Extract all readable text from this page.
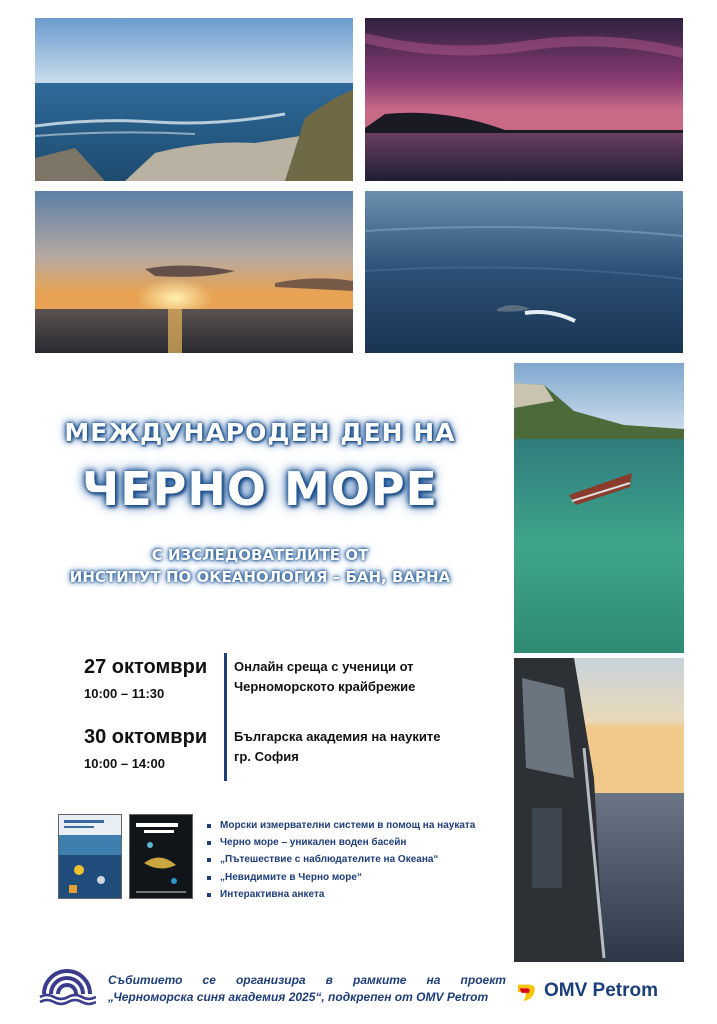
МЕЖДУНАРОДЕН ДЕН НА
ЧЕРНО МОРЕ
С ИЗСЛЕДОВАТЕЛИТЕ ОТ
ИНСТИТУТ ПО ОКЕАНОЛОГИЯ – БАН, ВАРНА
27 октомври
10:00 – 11:30
Онлайн среща с ученици от
Черноморското крайбрежие
30 октомври
10:00 – 14:00
Българска академия на науките
гр. София
Морски измервателни системи в помощ на науката
Черно море – уникален воден басейн
„Пътешествие с наблюдателите на Океана“
„Невидимите в Черно море“
Интерактивна анкета
Събитието се организира в рамките на проект
„Черноморска синя академия 2025“, подкрепен от OMV Petrom	OMV Petrom
